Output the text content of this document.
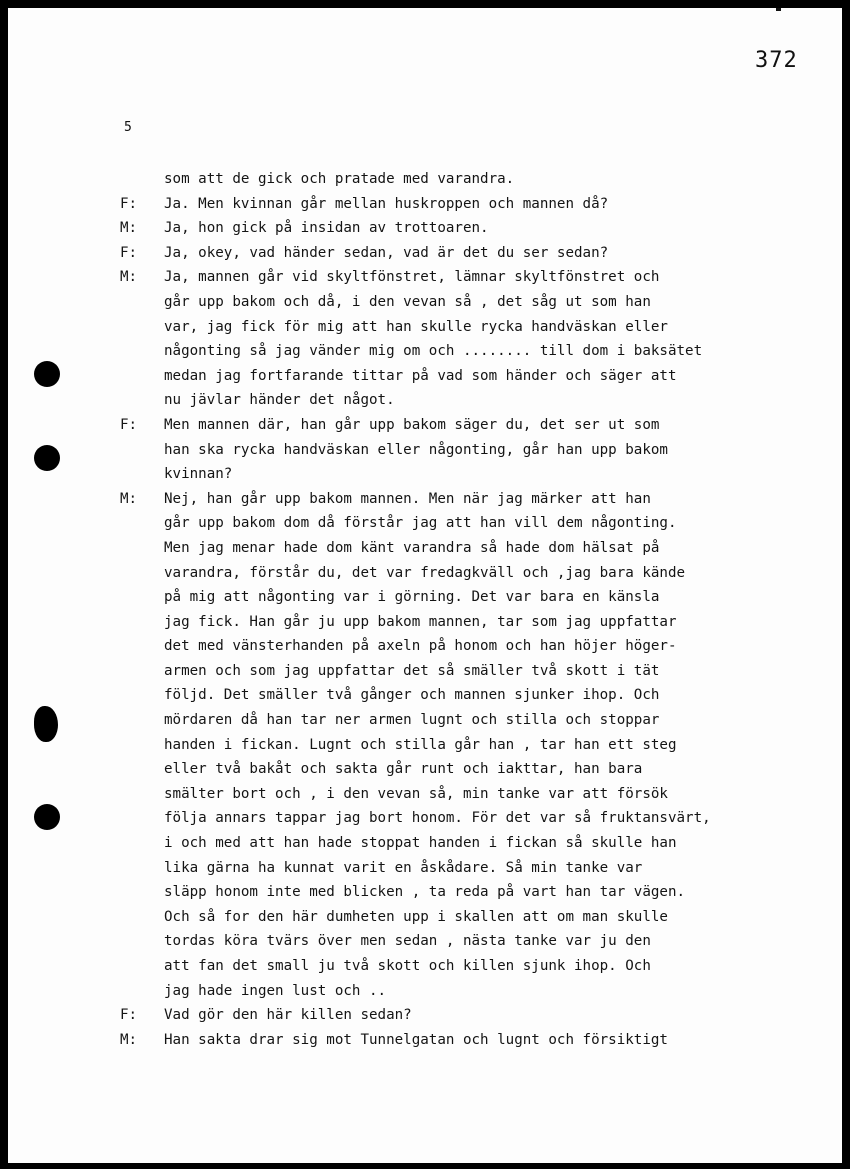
372
5
som att de gick och pratade med varandra.
F: Ja. Men kvinnan går mellan huskroppen och mannen då?
M: Ja, hon gick på insidan av trottoaren.
F: Ja, okey, vad händer sedan, vad är det du ser sedan?
M: Ja, mannen går vid skyltfönstret, lämnar skyltfönstret och
går upp bakom och då, i den vevan så , det såg ut som han
var, jag fick för mig att han skulle rycka handväskan eller
någonting så jag vänder mig om och ........ till dom i baksätet
medan jag fortfarande tittar på vad som händer och säger att
nu jävlar händer det något.
F: Men mannen där, han går upp bakom säger du, det ser ut som
han ska rycka handväskan eller någonting, går han upp bakom
kvinnan?
M: Nej, han går upp bakom mannen. Men när jag märker att han
går upp bakom dom då förstår jag att han vill dem någonting.
Men jag menar hade dom känt varandra så hade dom hälsat på
varandra, förstår du, det var fredagkväll och ,jag bara kände
på mig att någonting var i görning. Det var bara en känsla
jag fick. Han går ju upp bakom mannen, tar som jag uppfattar
det med vänsterhanden på axeln på honom och han höjer höger-
armen och som jag uppfattar det så smäller två skott i tät
följd. Det smäller två gånger och mannen sjunker ihop. Och
mördaren då han tar ner armen lugnt och stilla och stoppar
handen i fickan. Lugnt och stilla går han , tar han ett steg
eller två bakåt och sakta går runt och iakttar, han bara
smälter bort och , i den vevan så, min tanke var att försök
följa annars tappar jag bort honom. För det var så fruktansvärt,
i och med att han hade stoppat handen i fickan så skulle han
lika gärna ha kunnat varit en åskådare. Så min tanke var
släpp honom inte med blicken , ta reda på vart han tar vägen.
Och så for den här dumheten upp i skallen att om man skulle
tordas köra tvärs över men sedan , nästa tanke var ju den
att fan det small ju två skott och killen sjunk ihop. Och
jag hade ingen lust och ..
F: Vad gör den här killen sedan?
M: Han sakta drar sig mot Tunnelgatan och lugnt och försiktigt
